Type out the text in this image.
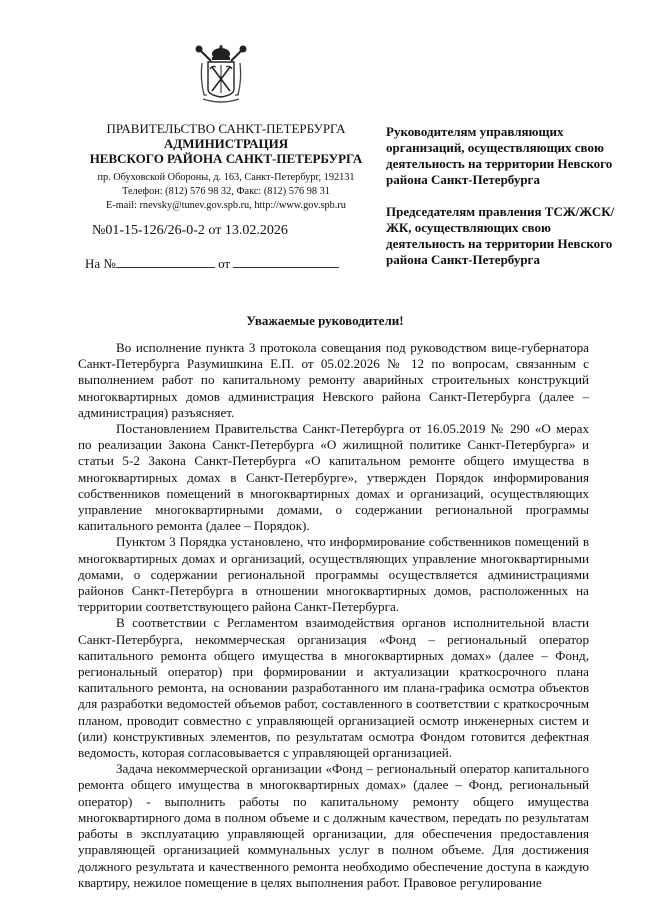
ПРАВИТЕЛЬСТВО САНКТ-ПЕТЕРБУРГА
АДМИНИСТРАЦИЯ
НЕВСКОГО РАЙОНА САНКТ-ПЕТЕРБУРГА
пр. Обуховской Обороны, д. 163, Санкт-Петербург, 192131
Телефон: (812) 576 98 32, Факс: (812) 576 98 31
E-mail: rnevsky@tunev.gov.spb.ru, http://www.gov.spb.ru
№01-15-126/26-0-2 от 13.02.2026
На №	от

Руководителям управляющих организаций, осуществляющих свою деятельность на территории Невского района Санкт-Петербурга

Председателям правления ТСЖ/ЖСК/ЖК, осуществляющих свою деятельность на территории Невского района Санкт-Петербурга

Уважаемые руководители!

Во исполнение пункта 3 протокола совещания под руководством вице-губернатора Санкт-Петербурга Разумишкина Е.П. от 05.02.2026 № 12 по вопросам, связанным с выполнением работ по капитальному ремонту аварийных строительных конструкций многоквартирных домов администрация Невского района Санкт-Петербурга (далее – администрация) разъясняет.

Постановлением Правительства Санкт-Петербурга от 16.05.2019 № 290 «О мерах по реализации Закона Санкт-Петербурга «О жилищной политике Санкт-Петербурга» и статьи 5-2 Закона Санкт-Петербурга «О капитальном ремонте общего имущества в многоквартирных домах в Санкт-Петербурге», утвержден Порядок информирования собственников помещений в многоквартирных домах и организаций, осуществляющих управление многоквартирными домами, о содержании региональной программы капитального ремонта (далее – Порядок).

Пунктом 3 Порядка установлено, что информирование собственников помещений в многоквартирных домах и организаций, осуществляющих управление многоквартирными домами, о содержании региональной программы осуществляется администрациями районов Санкт-Петербурга в отношении многоквартирных домов, расположенных на территории соответствующего района Санкт-Петербурга.

В соответствии с Регламентом взаимодействия органов исполнительной власти Санкт-Петербурга, некоммерческая организация «Фонд – региональный оператор капитального ремонта общего имущества в многоквартирных домах» (далее – Фонд, региональный оператор) при формировании и актуализации краткосрочного плана капитального ремонта, на основании разработанного им плана-графика осмотра объектов для разработки ведомостей объемов работ, составленного в соответствии с краткосрочным планом, проводит совместно с управляющей организацией осмотр инженерных систем и (или) конструктивных элементов, по результатам осмотра Фондом готовится дефектная ведомость, которая согласовывается с управляющей организацией.

Задача некоммерческой организации «Фонд – региональный оператор капитального ремонта общего имущества в многоквартирных домах» (далее – Фонд, региональный оператор) - выполнить работы по капитальному ремонту общего имущества многоквартирного дома в полном объеме и с должным качеством, передать по результатам работы в эксплуатацию управляющей организации, для обеспечения предоставления управляющей организацией коммунальных услуг в полном объеме. Для достижения должного результата и качественного ремонта необходимо обеспечение доступа в каждую квартиру, нежилое помещение в целях выполнения работ. Правовое регулирование
